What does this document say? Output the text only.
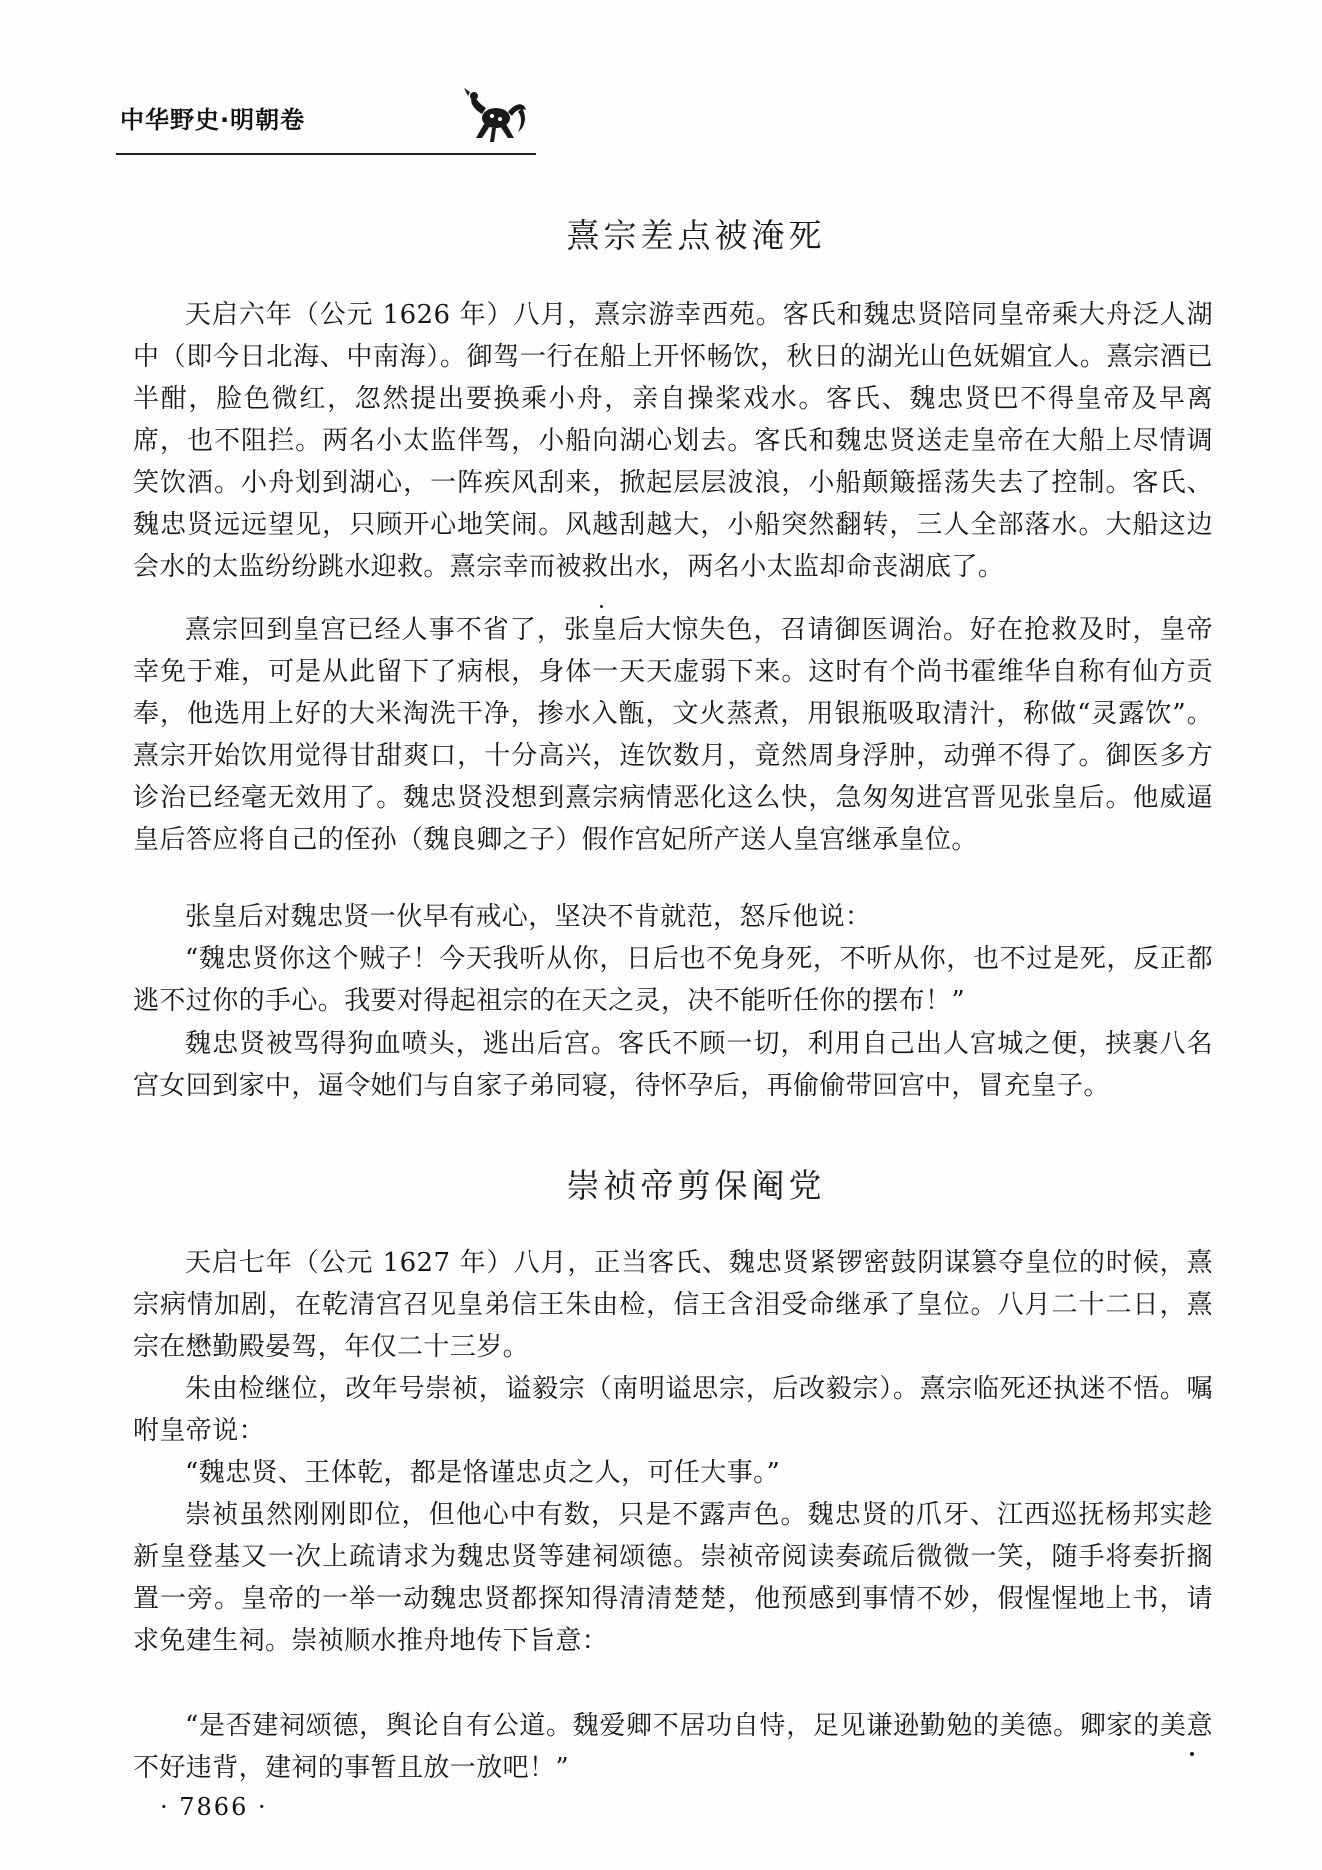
中华野史·明朝卷
熹宗差点被淹死

天启六年（公元 1626 年）八月，熹宗游幸西苑。客氏和魏忠贤陪同皇帝乘大舟泛人湖中（即今日北海、中南海）。御驾一行在船上开怀畅饮，秋日的湖光山色妩媚宜人。熹宗酒已半酣，脸色微红，忽然提出要换乘小舟，亲自操桨戏水。客氏、魏忠贤巴不得皇帝及早离席，也不阻拦。两名小太监伴驾，小船向湖心划去。客氏和魏忠贤送走皇帝在大船上尽情调笑饮酒。小舟划到湖心，一阵疾风刮来，掀起层层波浪，小船颠簸摇荡失去了控制。客氏、魏忠贤远远望见，只顾开心地笑闹。风越刮越大，小船突然翻转，三人全部落水。大船这边会水的太监纷纷跳水迎救。熹宗幸而被救出水，两名小太监却命丧湖底了。

熹宗回到皇宫已经人事不省了，张皇后大惊失色，召请御医调治。好在抢救及时，皇帝幸免于难，可是从此留下了病根，身体一天天虚弱下来。这时有个尚书霍维华自称有仙方贡奉，他选用上好的大米淘洗干净，掺水入甑，文火蒸煮，用银瓶吸取清汁，称做“灵露饮”。熹宗开始饮用觉得甘甜爽口，十分高兴，连饮数月，竟然周身浮肿，动弹不得了。御医多方诊治已经毫无效用了。魏忠贤没想到熹宗病情恶化这么快，急匆匆进宫晋见张皇后。他威逼皇后答应将自己的侄孙（魏良卿之子）假作宫妃所产送人皇宫继承皇位。

张皇后对魏忠贤一伙早有戒心，坚决不肯就范，怒斥他说：

“魏忠贤你这个贼子！今天我听从你，日后也不免身死，不听从你，也不过是死，反正都逃不过你的手心。我要对得起祖宗的在天之灵，决不能听任你的摆布！”

魏忠贤被骂得狗血喷头，逃出后宫。客氏不顾一切，利用自己出人宫城之便，挟裹八名宫女回到家中，逼令她们与自家子弟同寝，待怀孕后，再偷偷带回宫中，冒充皇子。

崇祯帝剪保阉党

天启七年（公元 1627 年）八月，正当客氏、魏忠贤紧锣密鼓阴谋篡夺皇位的时候，熹宗病情加剧，在乾清宫召见皇弟信王朱由检，信王含泪受命继承了皇位。八月二十二日，熹宗在懋勤殿晏驾，年仅二十三岁。

朱由检继位，改年号崇祯，谥毅宗（南明谥思宗，后改毅宗）。熹宗临死还执迷不悟。嘱咐皇帝说：

“魏忠贤、王体乾，都是恪谨忠贞之人，可任大事。”

崇祯虽然刚刚即位，但他心中有数，只是不露声色。魏忠贤的爪牙、江西巡抚杨邦实趁新皇登基又一次上疏请求为魏忠贤等建祠颂德。崇祯帝阅读奏疏后微微一笑，随手将奏折搁置一旁。皇帝的一举一动魏忠贤都探知得清清楚楚，他预感到事情不妙，假惺惺地上书，请求免建生祠。崇祯顺水推舟地传下旨意：

“是否建祠颂德，舆论自有公道。魏爱卿不居功自恃，足见谦逊勤勉的美德。卿家的美意不好违背，建祠的事暂且放一放吧！”

· 7866 ·
